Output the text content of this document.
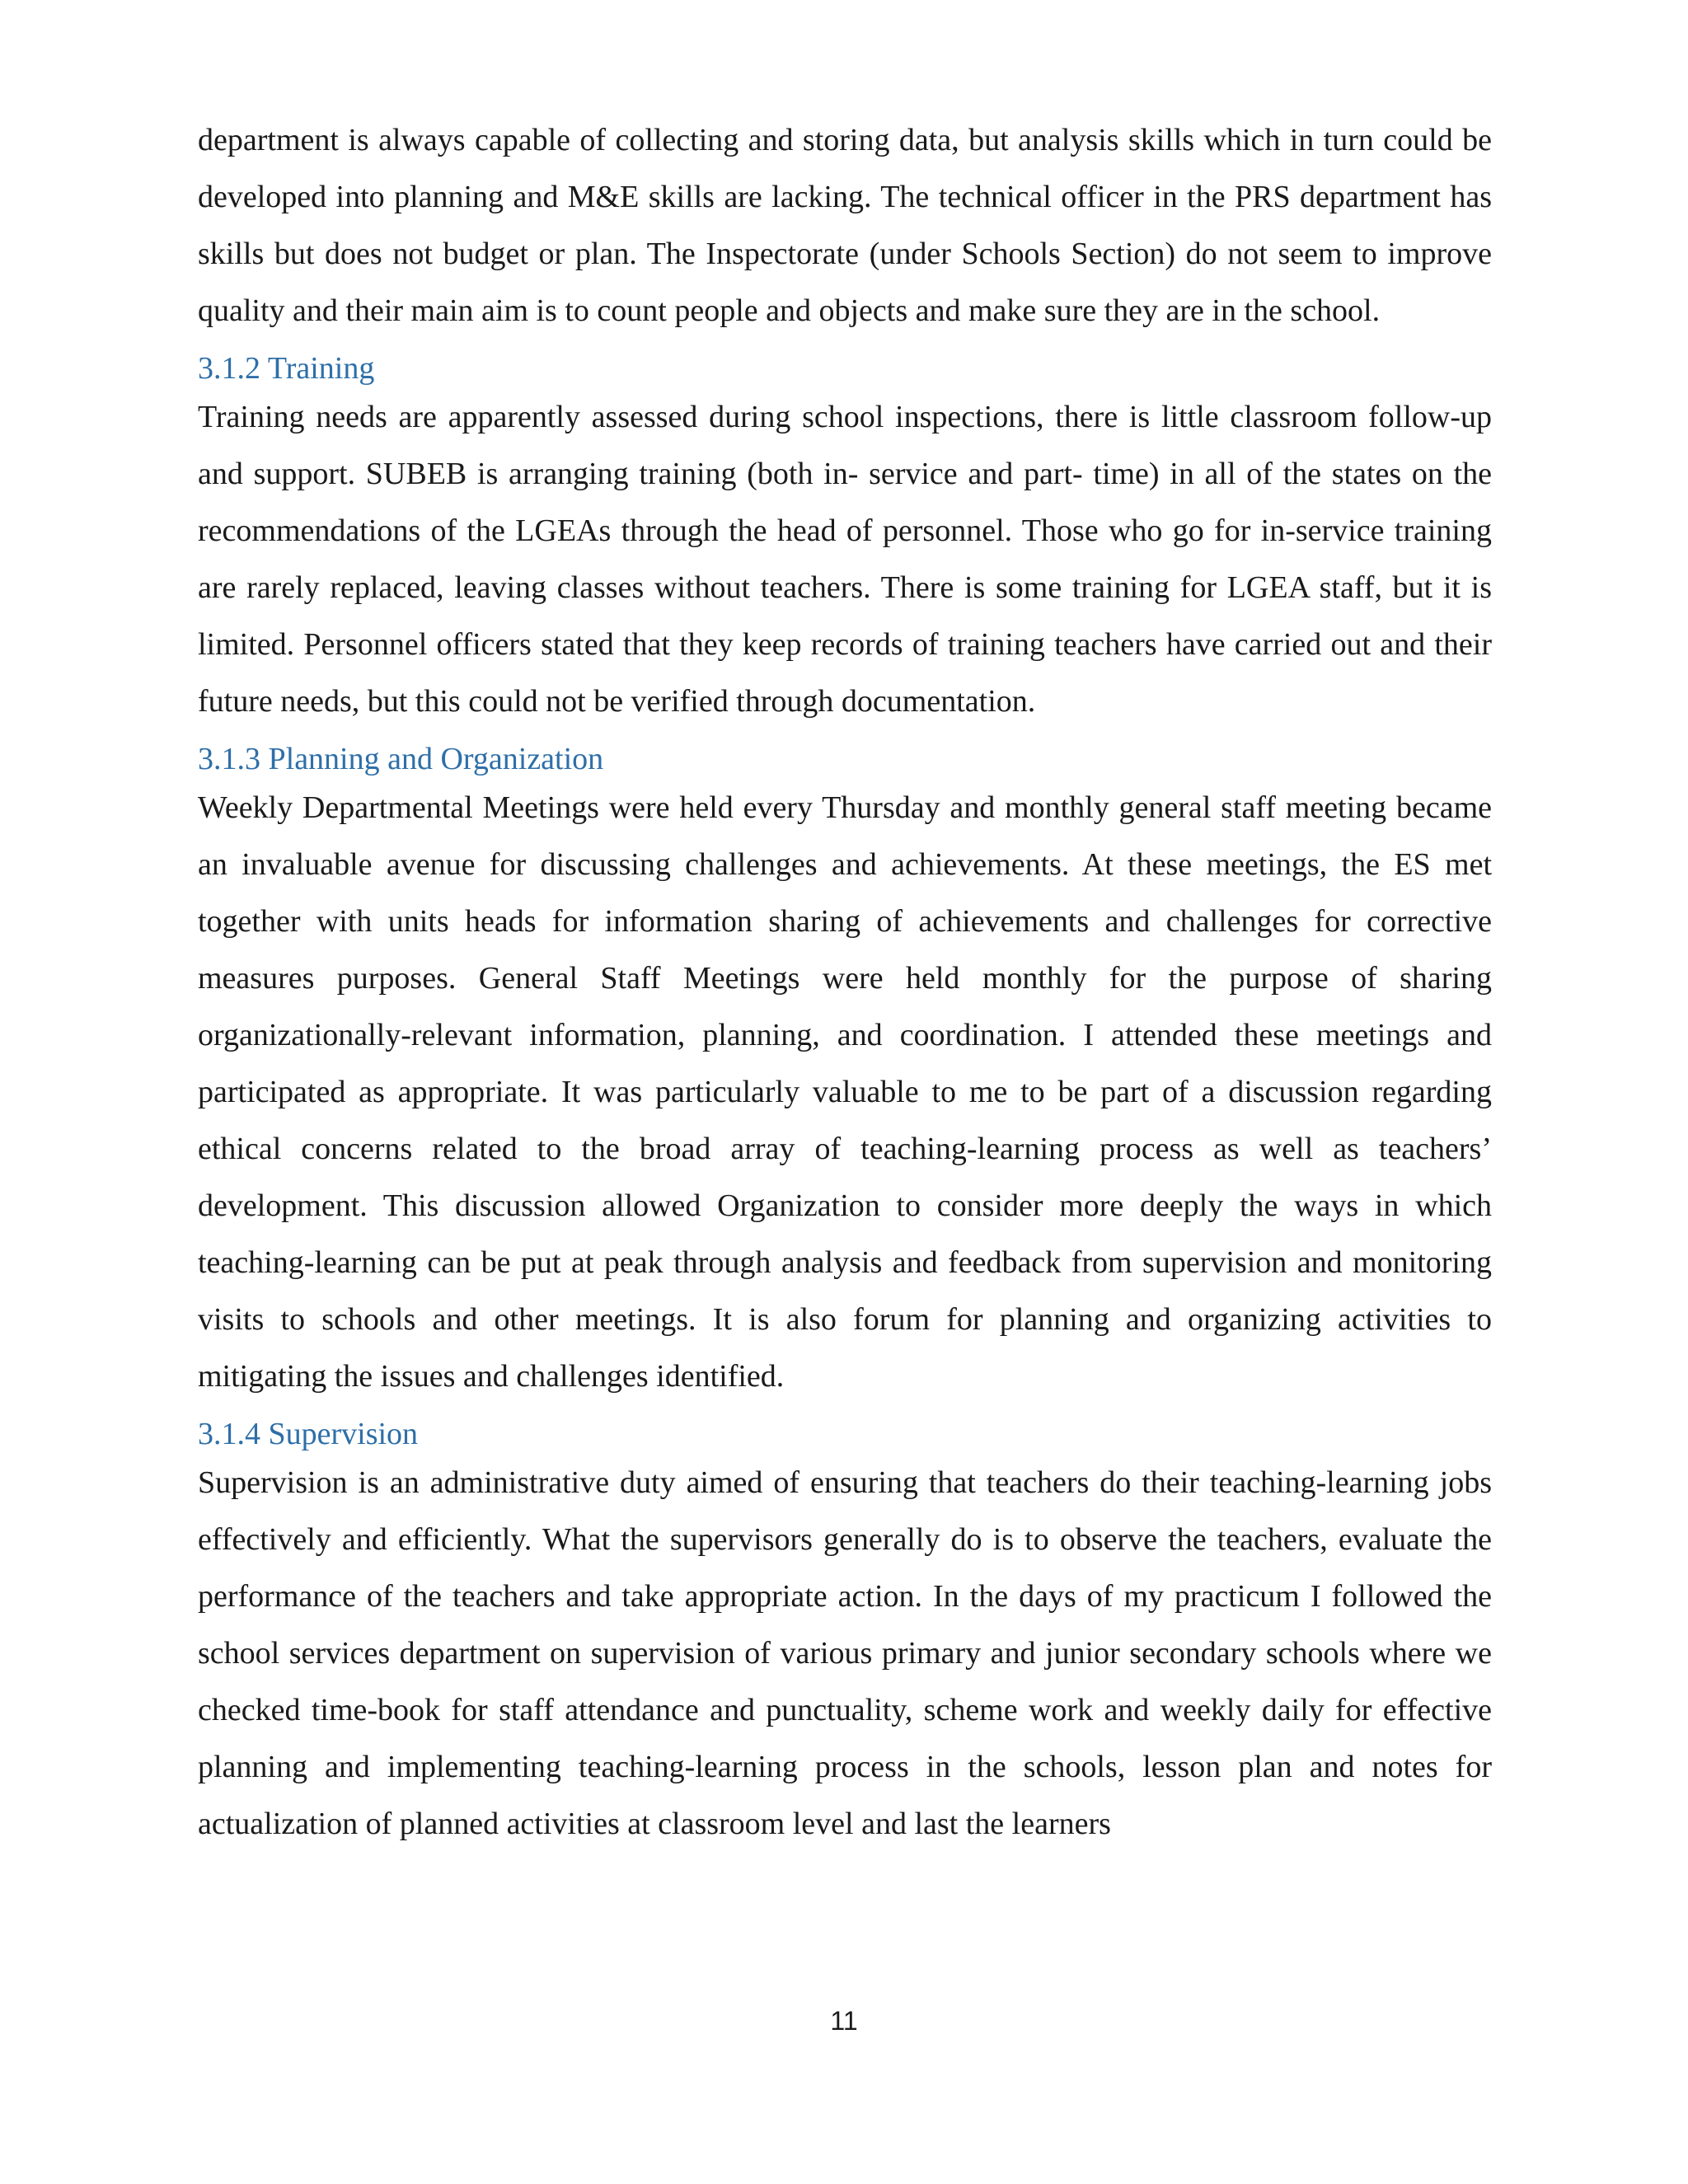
department is always capable of collecting and storing data, but analysis skills which in turn could be developed into planning and M&E skills are lacking. The technical officer in the PRS department has skills but does not budget or plan. The Inspectorate (under Schools Section) do not seem to improve quality and their main aim is to count people and objects and make sure they are in the school.

3.1.2 Training

Training needs are apparently assessed during school inspections, there is little classroom follow-up and support. SUBEB is arranging training (both in- service and part- time) in all of the states on the recommendations of the LGEAs through the head of personnel. Those who go for in-service training are rarely replaced, leaving classes without teachers. There is some training for LGEA staff, but it is limited. Personnel officers stated that they keep records of training teachers have carried out and their future needs, but this could not be verified through documentation.

3.1.3 Planning and Organization

Weekly Departmental Meetings were held every Thursday and monthly general staff meeting became an invaluable avenue for discussing challenges and achievements. At these meetings, the ES met together with units heads for information sharing of achievements and challenges for corrective measures purposes. General Staff Meetings were held monthly for the purpose of sharing organizationally-relevant information, planning, and coordination. I attended these meetings and participated as appropriate. It was particularly valuable to me to be part of a discussion regarding ethical concerns related to the broad array of teaching-learning process as well as teachers’ development. This discussion allowed Organization to consider more deeply the ways in which teaching-learning can be put at peak through analysis and feedback from supervision and monitoring visits to schools and other meetings. It is also forum for planning and organizing activities to mitigating the issues and challenges identified.

3.1.4 Supervision

Supervision is an administrative duty aimed of ensuring that teachers do their teaching-learning jobs effectively and efficiently. What the supervisors generally do is to observe the teachers, evaluate the performance of the teachers and take appropriate action. In the days of my practicum I followed the school services department on supervision of various primary and junior secondary schools where we checked time-book for staff attendance and punctuality, scheme work and weekly daily for effective planning and implementing teaching-learning process in the schools, lesson plan and notes for actualization of planned activities at classroom level and last the learners

11
